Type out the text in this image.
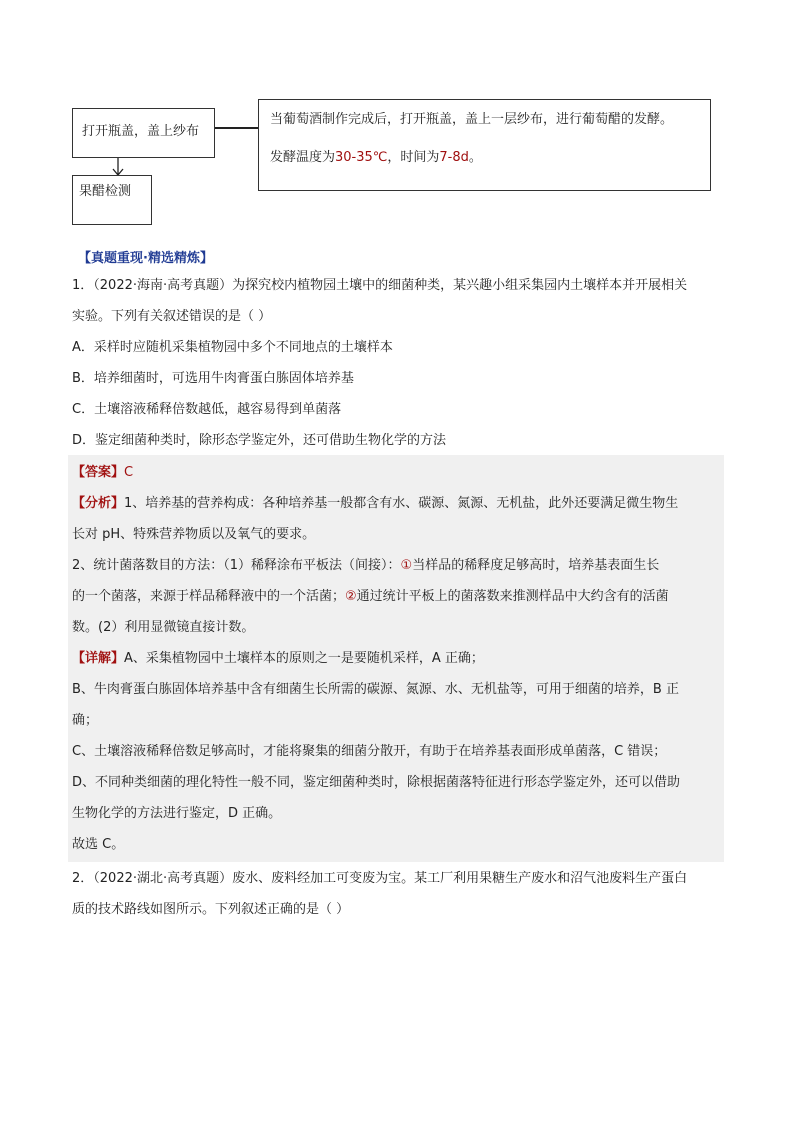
打开瓶盖，盖上纱布
果醋检测
当葡萄酒制作完成后，打开瓶盖，盖上一层纱布，进行葡萄醋的发酵。
发酵温度为30-35℃，时间为7-8d。
【真题重现·精选精炼】
1．（2022·海南·高考真题）为探究校内植物园土壤中的细菌种类，某兴趣小组采集园内土壤样本并开展相关
实验。下列有关叙述错误的是（ ）
A．采样时应随机采集植物园中多个不同地点的土壤样本
B．培养细菌时，可选用牛肉膏蛋白胨固体培养基
C．土壤溶液稀释倍数越低，越容易得到单菌落
D．鉴定细菌种类时，除形态学鉴定外，还可借助生物化学的方法
【答案】C
【分析】1、培养基的营养构成：各种培养基一般都含有水、碳源、氮源、无机盐，此外还要满足微生物生
长对 pH、特殊营养物质以及氧气的要求。
2、统计菌落数目的方法：（1）稀释涂布平板法（间接）：①当样品的稀释度足够高时，培养基表面生长
的一个菌落，来源于样品稀释液中的一个活菌；②通过统计平板上的菌落数来推测样品中大约含有的活菌
数。(2）利用显微镜直接计数。
【详解】A、采集植物园中土壤样本的原则之一是要随机采样，A 正确；
B、牛肉膏蛋白胨固体培养基中含有细菌生长所需的碳源、氮源、水、无机盐等，可用于细菌的培养，B 正
确；
C、土壤溶液稀释倍数足够高时，才能将聚集的细菌分散开，有助于在培养基表面形成单菌落，C 错误；
D、不同种类细菌的理化特性一般不同，鉴定细菌种类时，除根据菌落特征进行形态学鉴定外，还可以借助
生物化学的方法进行鉴定，D 正确。
故选 C。
2．（2022·湖北·高考真题）废水、废料经加工可变废为宝。某工厂利用果糖生产废水和沼气池废料生产蛋白
质的技术路线如图所示。下列叙述正确的是（ ）
